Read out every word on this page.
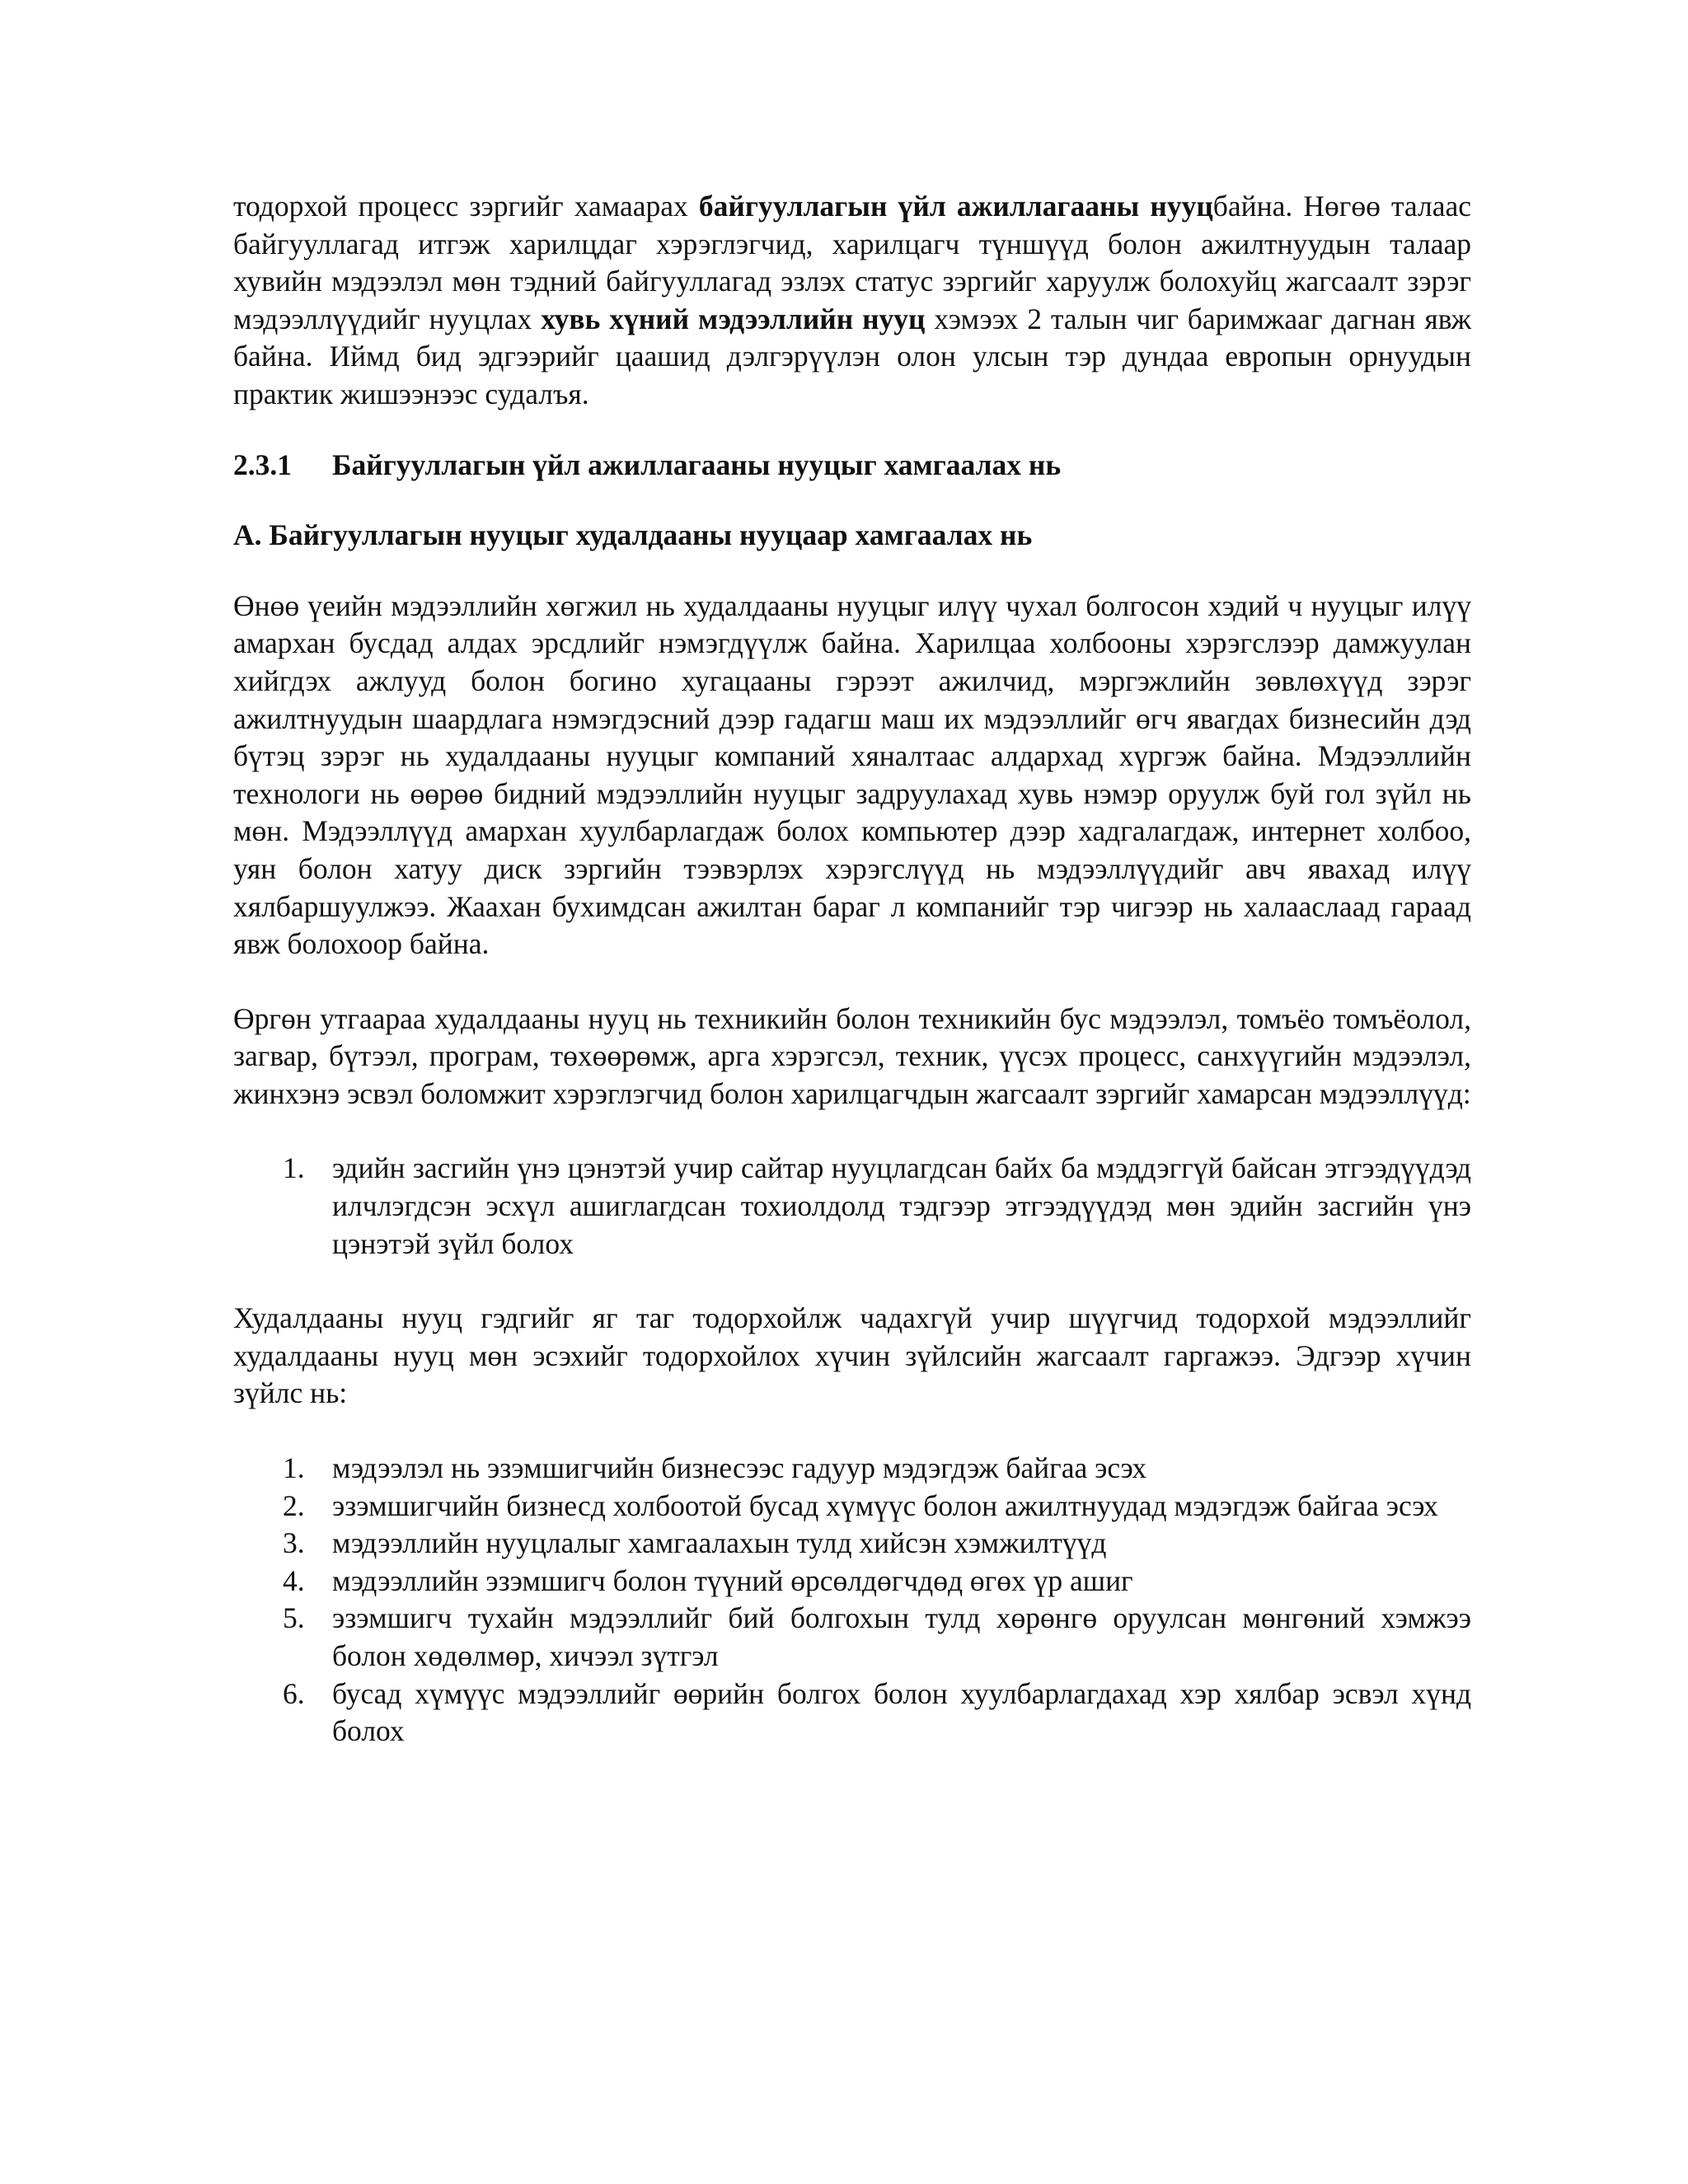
тодорхой процесс зэргийг хамаарах байгууллагын үйл ажиллагааны нууцбайна. Нөгөө талаас байгууллагад итгэж харилцдаг хэрэглэгчид, харилцагч түншүүд болон ажилтнуудын талаар хувийн мэдээлэл мөн тэдний байгууллагад эзлэх статус зэргийг харуулж болохуйц жагсаалт зэрэг мэдээллүүдийг нууцлах хувь хүний мэдээллийн нууц хэмээх 2 талын чиг баримжааг дагнан явж байна. Иймд бид эдгээрийг цаашид дэлгэрүүлэн олон улсын тэр дундаа европын орнуудын практик жишээнээс судалъя.

2.3.1 Байгууллагын үйл ажиллагааны нууцыг хамгаалах нь

А. Байгууллагын нууцыг худалдааны нууцаар хамгаалах нь

Өнөө үеийн мэдээллийн хөгжил нь худалдааны нууцыг илүү чухал болгосон хэдий ч нууцыг илүү амархан бусдад алдах эрсдлийг нэмэгдүүлж байна. Харилцаа холбооны хэрэгслээр дамжуулан хийгдэх ажлууд болон богино хугацааны гэрээт ажилчид, мэргэжлийн зөвлөхүүд зэрэг ажилтнуудын шаардлага нэмэгдэсний дээр гадагш маш их мэдээллийг өгч явагдах бизнесийн дэд бүтэц зэрэг нь худалдааны нууцыг компаний хяналтаас алдархад хүргэж байна. Мэдээллийн технологи нь өөрөө бидний мэдээллийн нууцыг задруулахад хувь нэмэр оруулж буй гол зүйл нь мөн. Мэдээллүүд амархан хуулбарлагдаж болох компьютер дээр хадгалагдаж, интернет холбоо, уян болон хатуу диск зэргийн тээвэрлэх хэрэгслүүд нь мэдээллүүдийг авч явахад илүү хялбаршуулжээ. Жаахан бухимдсан ажилтан бараг л компанийг тэр чигээр нь халааслаад гараад явж болохоор байна.

Өргөн утгаараа худалдааны нууц нь техникийн болон техникийн бус мэдээлэл, томъёо томъёолол, загвар, бүтээл, програм, төхөөрөмж, арга хэрэгсэл, техник, үүсэх процесс, санхүүгийн мэдээлэл, жинхэнэ эсвэл боломжит хэрэглэгчид болон харилцагчдын жагсаалт зэргийг хамарсан мэдээллүүд:

1. эдийн засгийн үнэ цэнэтэй учир сайтар нууцлагдсан байх ба мэддэггүй байсан этгээдүүдэд илчлэгдсэн эсхүл ашиглагдсан тохиолдолд тэдгээр этгээдүүдэд мөн эдийн засгийн үнэ цэнэтэй зүйл болох

Худалдааны нууц гэдгийг яг таг тодорхойлж чадахгүй учир шүүгчид тодорхой мэдээллийг худалдааны нууц мөн эсэхийг тодорхойлох хүчин зүйлсийн жагсаалт гаргажээ. Эдгээр хүчин зүйлс нь:

1. мэдээлэл нь эзэмшигчийн бизнесээс гадуур мэдэгдэж байгаа эсэх
2. эзэмшигчийн бизнесд холбоотой бусад хүмүүс болон ажилтнуудад мэдэгдэж байгаа эсэх
3. мэдээллийн нууцлалыг хамгаалахын тулд хийсэн хэмжилтүүд
4. мэдээллийн эзэмшигч болон түүний өрсөлдөгчдөд өгөх үр ашиг
5. эзэмшигч тухайн мэдээллийг бий болгохын тулд хөрөнгө оруулсан мөнгөний хэмжээ болон хөдөлмөр, хичээл зүтгэл
6. бусад хүмүүс мэдээллийг өөрийн болгох болон хуулбарлагдахад хэр хялбар эсвэл хүнд болох
